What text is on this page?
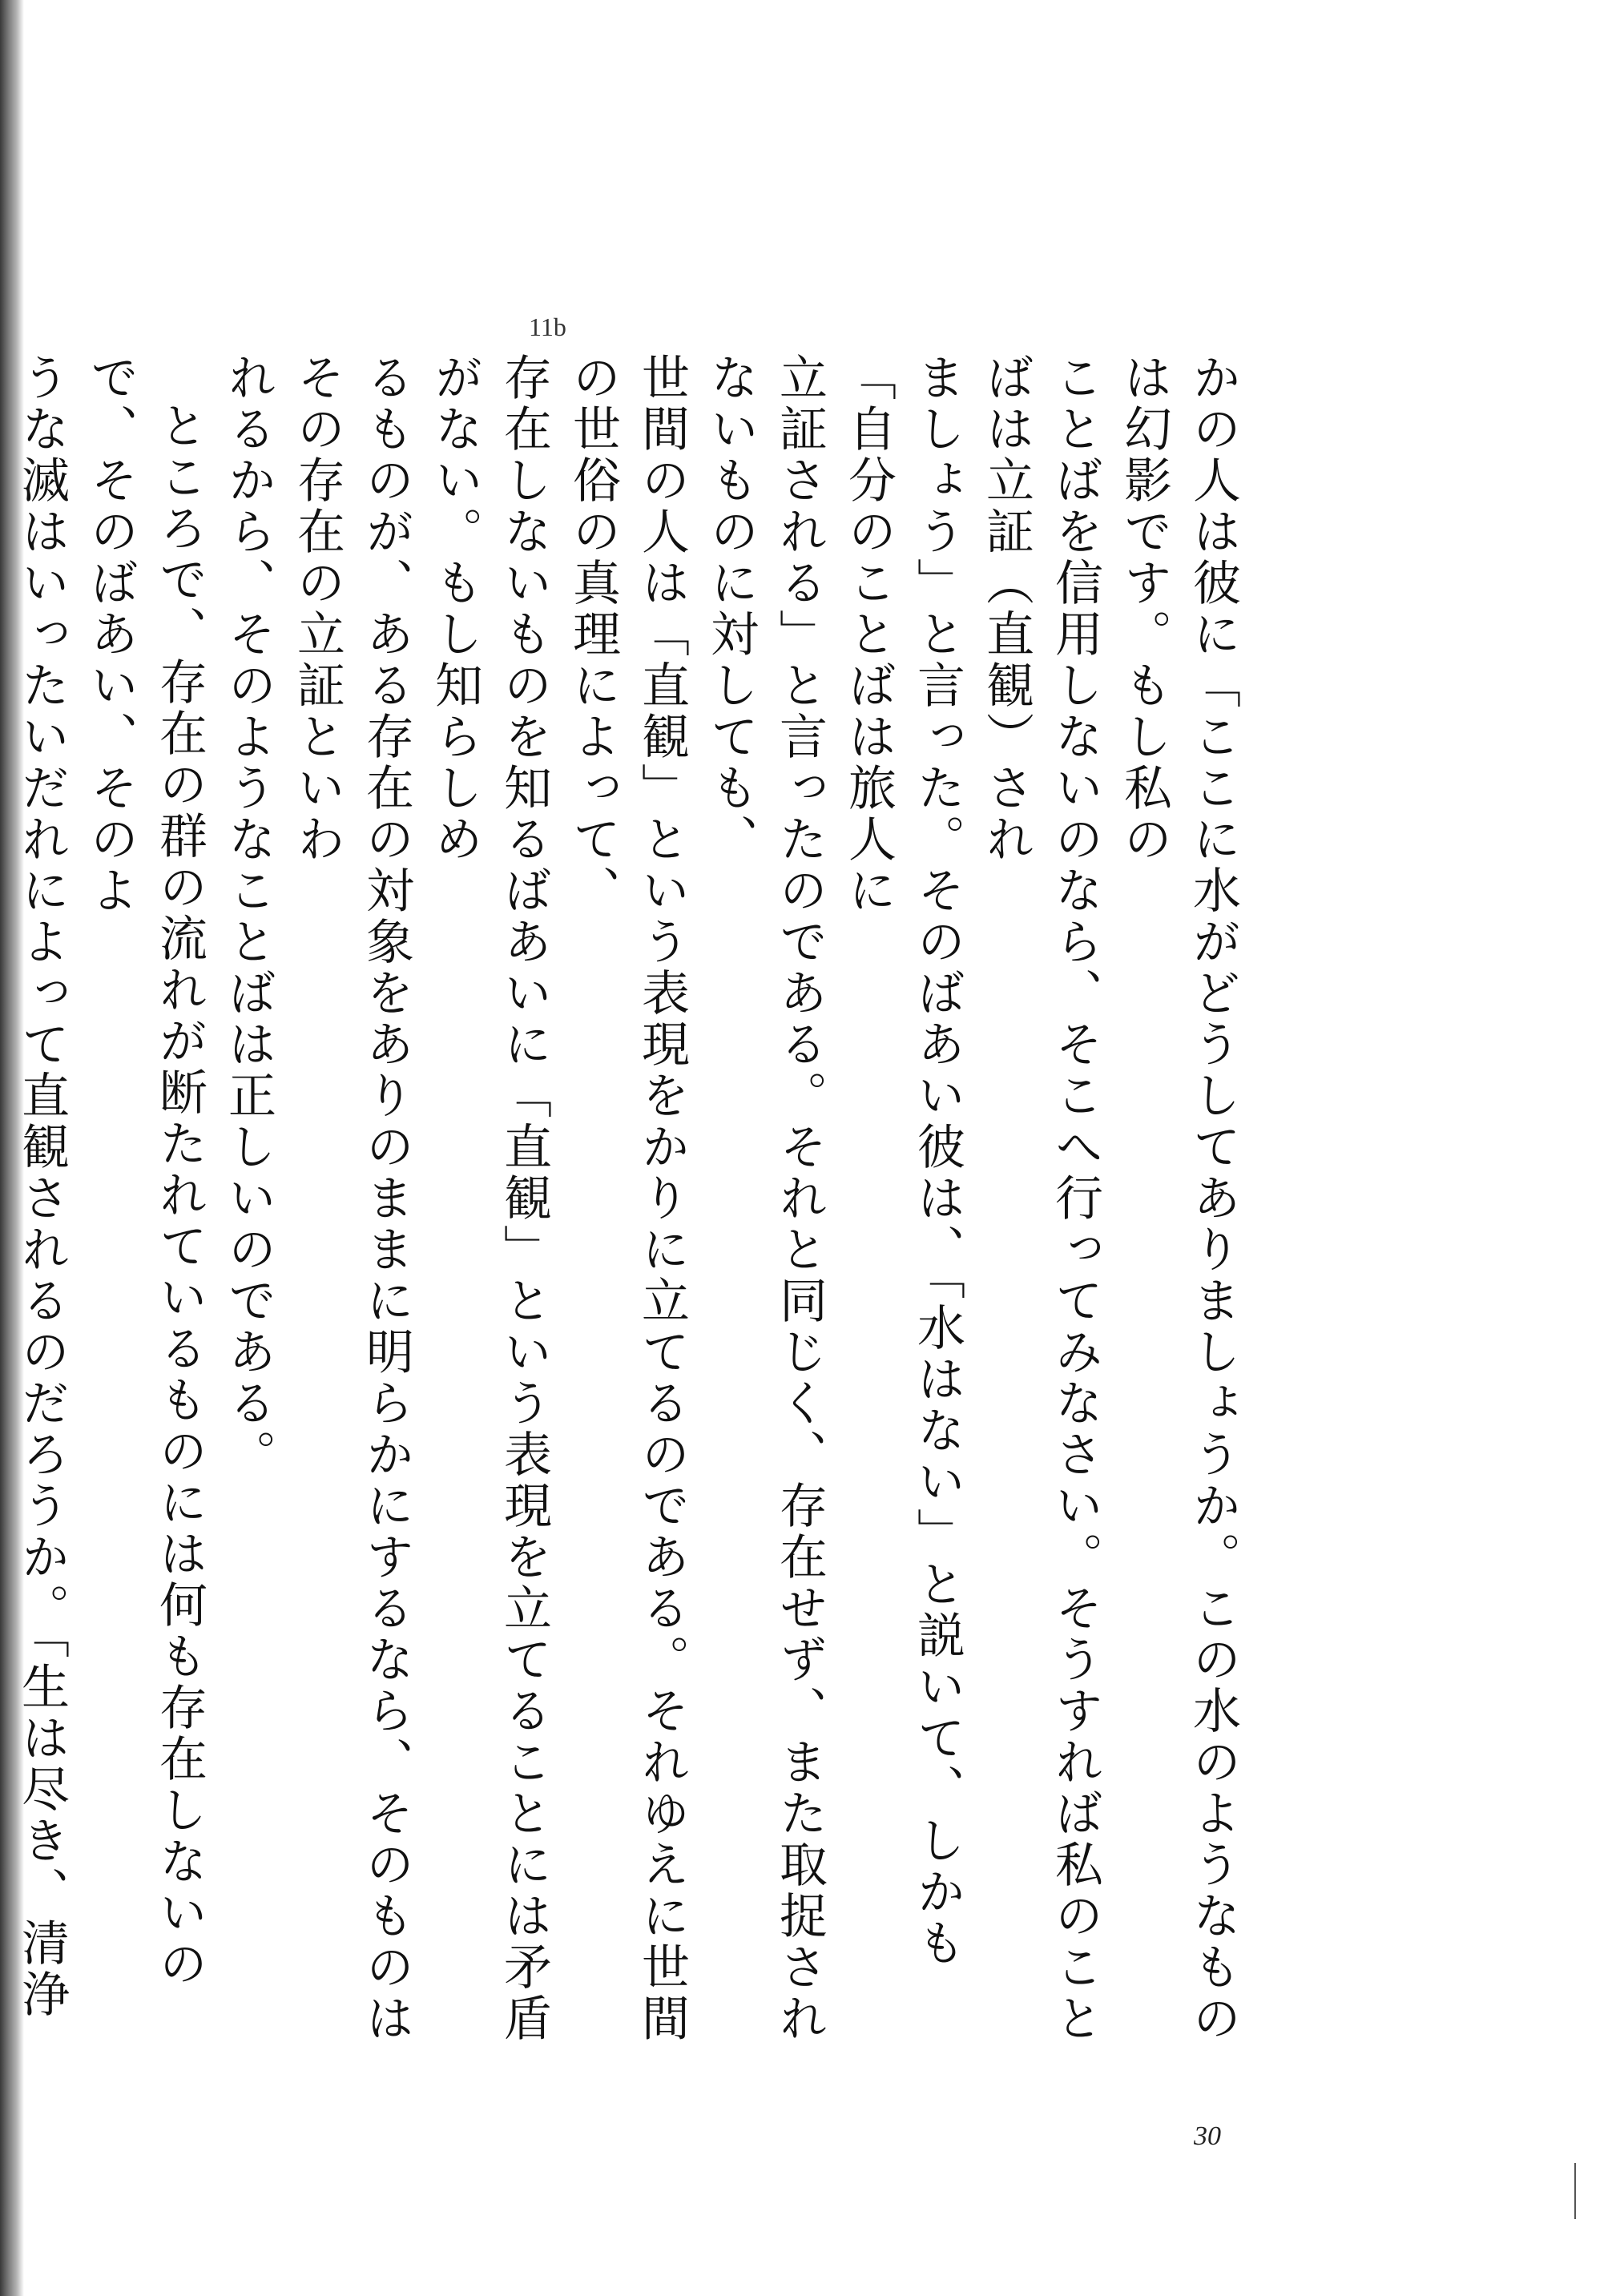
11b

かの人は彼に「ここに水がどうしてありましょうか。この水のようなものは幻影です。もし私の
ことばを信用しないのなら、そこへ行ってみなさい。そうすれば私のことばは立証（直観）され
ましょう」と言った。そのばあい彼は、「水はない」と説いて、しかも「自分のことばは旅人に
立証される」と言ったのである。それと同じく、存在せず、また取捉されないものに対しても、
世間の人は「直観」という表現をかりに立てるのである。それゆえに世間の世俗の真理によって、
存在しないものを知るばあいに「直観」という表現を立てることには矛盾がない。もし知らしめ
るものが、ある存在の対象をありのままに明らかにするなら、そのものはその存在の立証といわ
れるから、そのようなことばは正しいのである。

ところで、存在の群の流れが断たれているものには何も存在しないので、そのばあい、そのよ
うな滅はいったいだれによって直観されるのだろうか。「生は尽き、清浄

30
